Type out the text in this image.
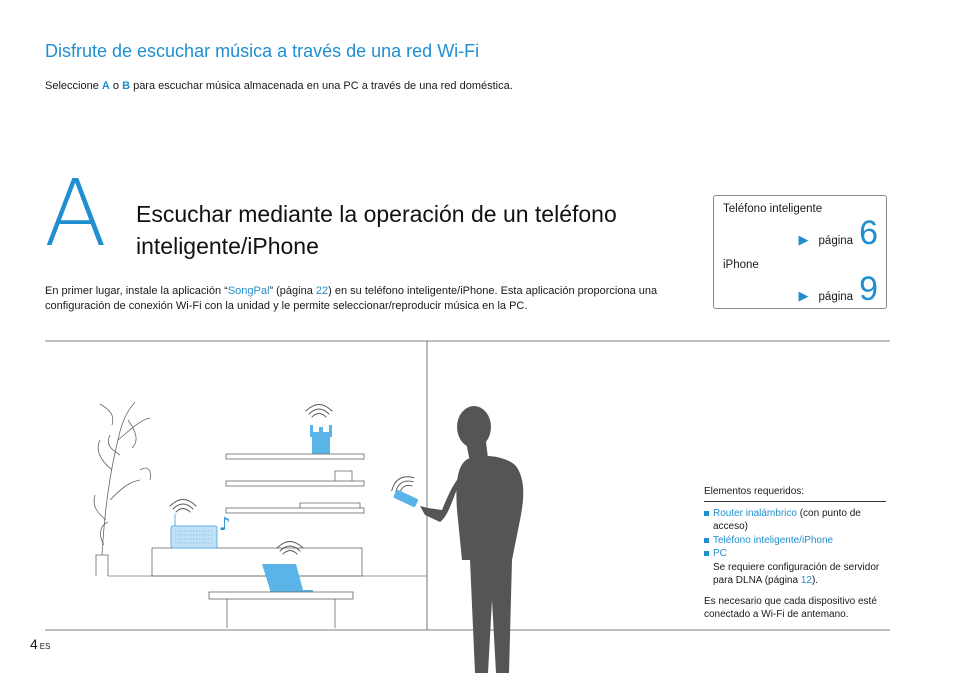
Disfrute de escuchar música a través de una red Wi-Fi
Seleccione A o B para escuchar música almacenada en una PC a través de una red doméstica.
A Escuchar mediante la operación de un teléfono inteligente/iPhone
En primer lugar, instale la aplicación “SongPal” (página 22) en su teléfono inteligente/iPhone. Esta aplicación proporciona una configuración de conexión Wi-Fi con la unidad y le permite seleccionar/reproducir música en la PC.
Teléfono inteligente
▶ página 6
iPhone
▶ página 9
♪
Elementos requeridos:
Router inalámbrico (con punto de acceso)
Teléfono inteligente/iPhone
PC
Se requiere configuración de servidor para DLNA (página 12).
Es necesario que cada dispositivo esté conectado a Wi-Fi de antemano.
4 ES
